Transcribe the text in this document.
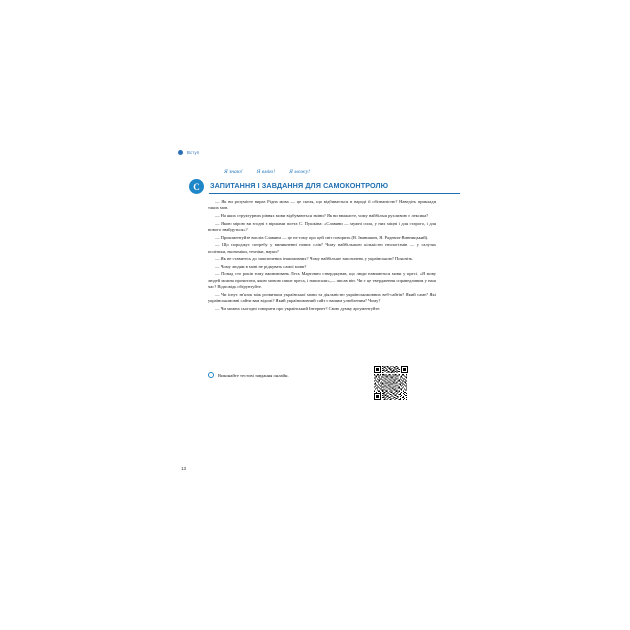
Вступ
Я знаю!	Я вмію!	Я можу!
С	ЗАПИТАННЯ І ЗАВДАННЯ ДЛЯ САМОКОНТРОЛЮ

— Як ви розумієте вираз Рідна мова — це скеля, що відбивається в народі її обізнаністю? Наведіть приклади таких мов.

— На яких структурних рівнях мови відбуваються зміни? Як ви вважаєте, чому найбільш рухливою є лексика?

— Якою мірою ви згодні з віршами поета С. Пушкіна: «Славяни — мужні сила, у них міцні і для старого, і для нового знайдуться»?

— Прокоментуйте вислів Славяни — це не тому про цей світ говорить (В. Іванишин, Я. Радевич-Винницький).

— Що породжує потребу у виникненні нових слів? Чому найбільшою кількістю неологізмів — у галузях політики, економіки, техніки, науки?

— Як не ставитесь до запозичених іншомовних? Чому найбільше запозичень у українською? Поясніть.

— Чому людям в мові не рідкувать самої мови?

— Понад сто років тому вживлювань Лесь Мартович стверджував, що люди навчаються мови у пресі. «Я мову людей можна прочитати, якою мовою пише преса, і написали»,— писав він. Чи є це твердження справедливим у наш час? Відповідь обґрунтуйте.

— Чи існує зв'язок між розвитком української мови та діяльністю українськомовних веб-сайтів? Який саме? Які українськомовні сайти вам відомі? Який україномовний сайт є вашим улюбленим? Чому?

— Чи можна сьогодні говорити про український Інтернет? Свою думку аргументуйте.

Виконайте тестові завдання онлайн.
13
